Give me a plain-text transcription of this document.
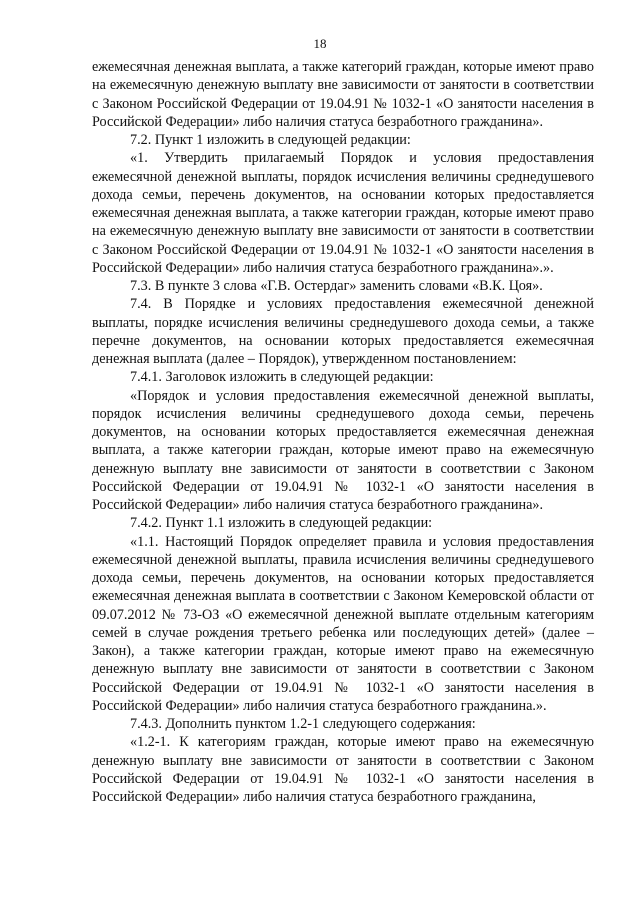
18

ежемесячная денежная выплата, а также категорий граждан, которые имеют право на ежемесячную денежную выплату вне зависимости от занятости в соответствии с Законом Российской Федерации от 19.04.91 № 1032-1 «О занятости населения в Российской Федерации» либо наличия статуса безработного гражданина».

7.2. Пункт 1 изложить в следующей редакции:

«1. Утвердить прилагаемый Порядок и условия предоставления ежемесячной денежной выплаты, порядок исчисления величины среднедушевого дохода семьи, перечень документов, на основании которых предоставляется ежемесячная денежная выплата, а также категории граждан, которые имеют право на ежемесячную денежную выплату вне зависимости от занятости в соответствии с Законом Российской Федерации от 19.04.91 № 1032-1 «О занятости населения в Российской Федерации» либо наличия статуса безработного гражданина».».

7.3. В пункте 3 слова «Г.В. Остердаг» заменить словами «В.К. Цоя».

7.4. В Порядке и условиях предоставления ежемесячной денежной выплаты, порядке исчисления величины среднедушевого дохода семьи, а также перечне документов, на основании которых предоставляется ежемесячная денежная выплата (далее – Порядок), утвержденном постановлением:

7.4.1. Заголовок изложить в следующей редакции:

«Порядок и условия предоставления ежемесячной денежной выплаты, порядок исчисления величины среднедушевого дохода семьи, перечень документов, на основании которых предоставляется ежемесячная денежная выплата, а также категории граждан, которые имеют право на ежемесячную денежную выплату вне зависимости от занятости в соответствии с Законом Российской Федерации от 19.04.91 № 1032-1 «О занятости населения в Российской Федерации» либо наличия статуса безработного гражданина».

7.4.2. Пункт 1.1 изложить в следующей редакции:

«1.1. Настоящий Порядок определяет правила и условия предоставления ежемесячной денежной выплаты, правила исчисления величины среднедушевого дохода семьи, перечень документов, на основании которых предоставляется ежемесячная денежная выплата в соответствии с Законом Кемеровской области от 09.07.2012 № 73-ОЗ «О ежемесячной денежной выплате отдельным категориям семей в случае рождения третьего ребенка или последующих детей» (далее – Закон), а также категории граждан, которые имеют право на ежемесячную денежную выплату вне зависимости от занятости в соответствии с Законом Российской Федерации от 19.04.91 № 1032-1 «О занятости населения в Российской Федерации» либо наличия статуса безработного гражданина.».

7.4.3. Дополнить пунктом 1.2-1 следующего содержания:

«1.2-1. К категориям граждан, которые имеют право на ежемесячную денежную выплату вне зависимости от занятости в соответствии с Законом Российской Федерации от 19.04.91 № 1032-1 «О занятости населения в Российской Федерации» либо наличия статуса безработного гражданина,
